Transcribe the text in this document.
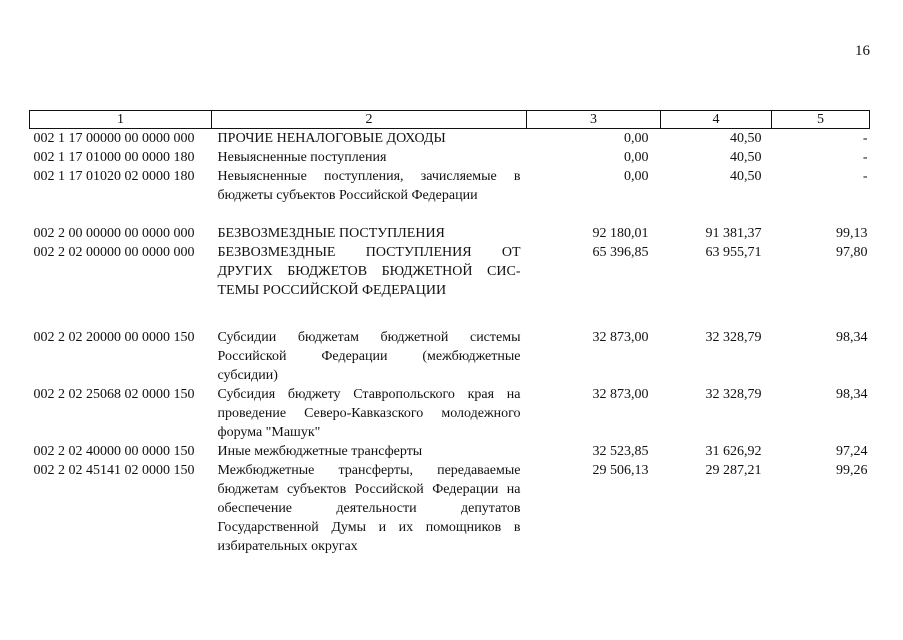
16
1	2	3	4	5
002 1 17 00000 00 0000 000	ПРОЧИЕ НЕНАЛОГОВЫЕ ДОХОДЫ	0,00	40,50	-
002 1 17 01000 00 0000 180	Невыясненные поступления	0,00	40,50	-
002 1 17 01020 02 0000 180	Невыясненные поступления, зачисляемые в бюджеты субъектов Российской Федерации	0,00	40,50	-
002 2 00 00000 00 0000 000	БЕЗВОЗМЕЗДНЫЕ ПОСТУПЛЕНИЯ	92 180,01	91 381,37	99,13
002 2 02 00000 00 0000 000	БЕЗВОЗМЕЗДНЫЕ ПОСТУПЛЕНИЯ ОТ ДРУГИХ БЮДЖЕТОВ БЮДЖЕТНОЙ СИС-ТЕМЫ РОССИЙСКОЙ ФЕДЕРАЦИИ	65 396,85	63 955,71	97,80
002 2 02 20000 00 0000 150	Субсидии бюджетам бюджетной системы Российской Федерации (межбюджетные субсидии)	32 873,00	32 328,79	98,34
002 2 02 25068 02 0000 150	Субсидия бюджету Ставропольского края на проведение Северо-Кавказского молодежного форума "Машук"	32 873,00	32 328,79	98,34
002 2 02 40000 00 0000 150	Иные межбюджетные трансферты	32 523,85	31 626,92	97,24
002 2 02 45141 02 0000 150	Межбюджетные трансферты, передаваемые бюджетам субъектов Российской Федерации на обеспечение деятельности депутатов Государственной Думы и их помощников в избирательных округах	29 506,13	29 287,21	99,26
